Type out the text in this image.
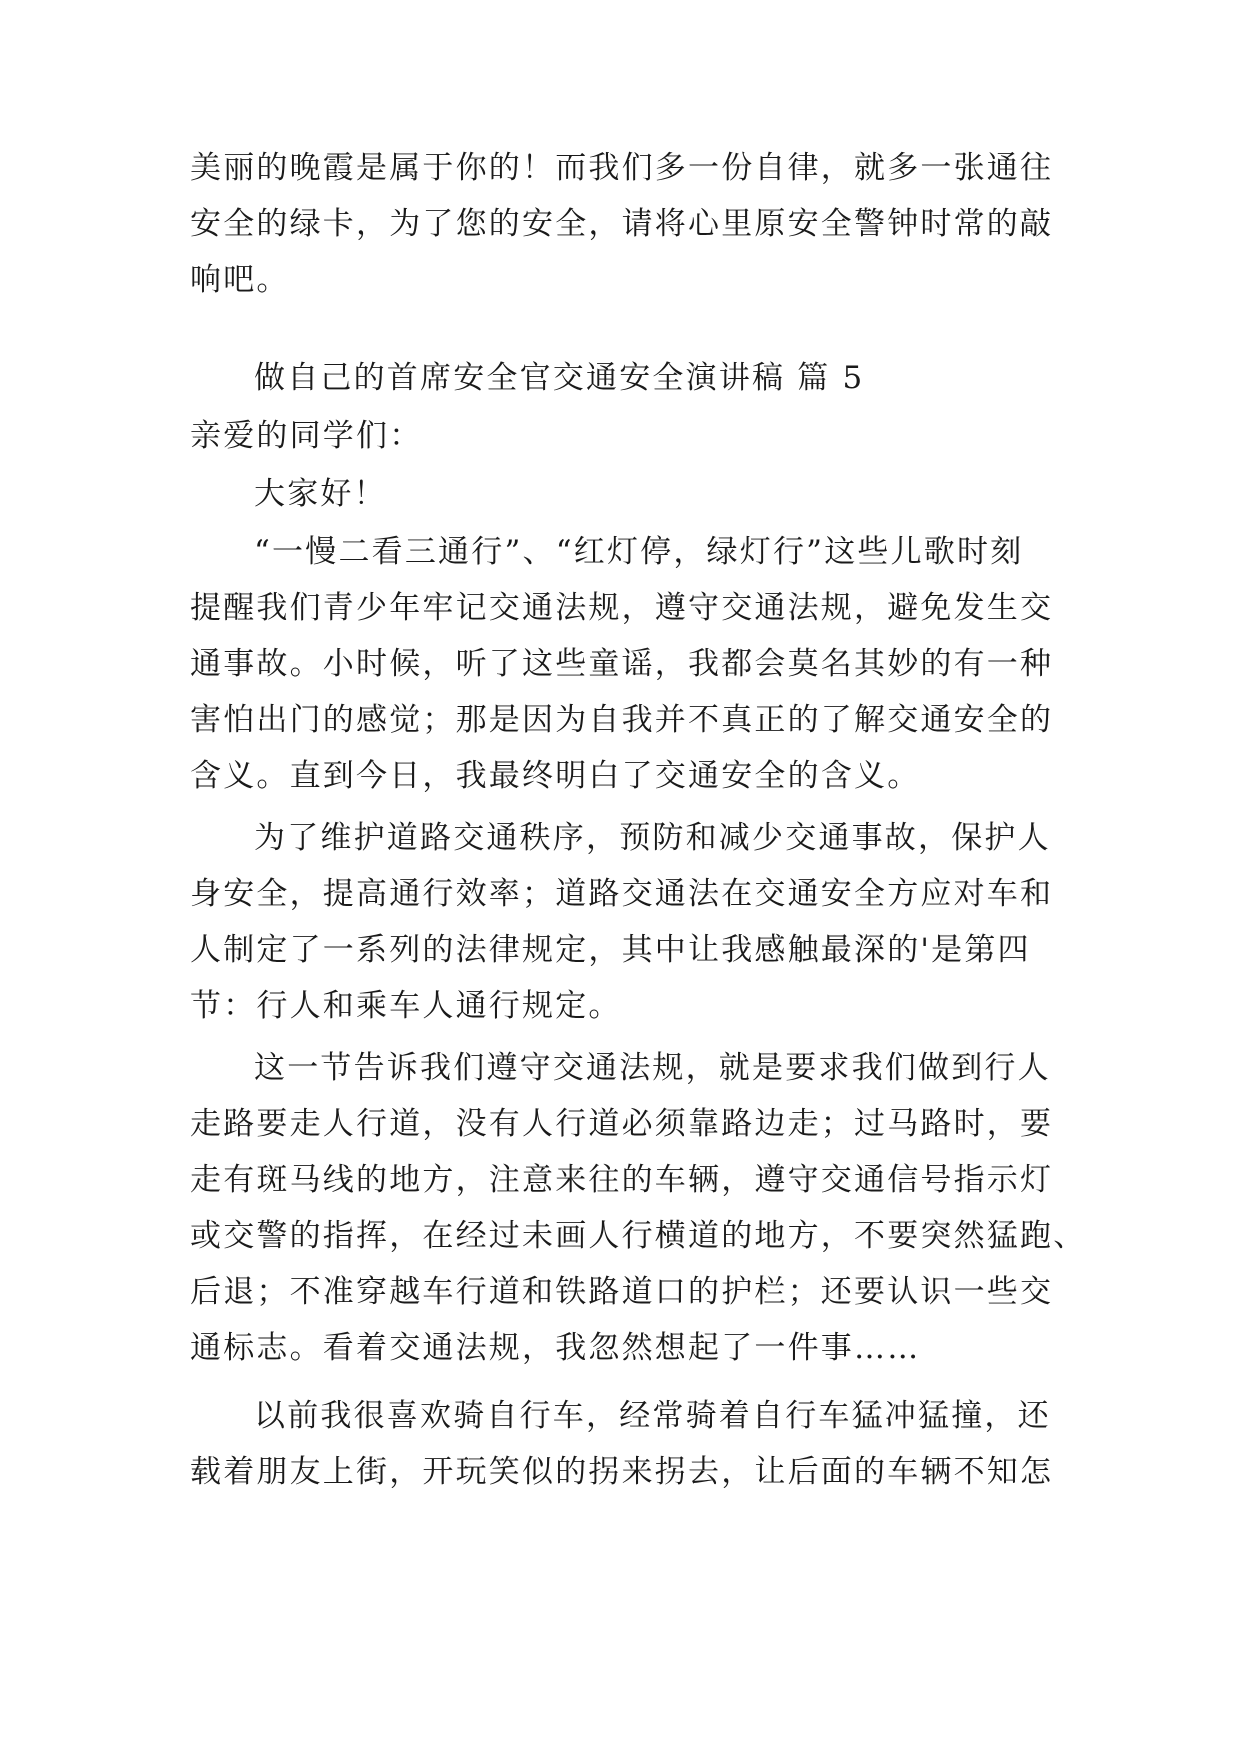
美丽的晚霞是属于你的！而我们多一份自律，就多一张通往
安全的绿卡，为了您的安全，请将心里原安全警钟时常的敲
响吧。
做自己的首席安全官交通安全演讲稿 篇 5
亲爱的同学们：
大家好！
“一慢二看三通行”、“红灯停，绿灯行”这些儿歌时刻
提醒我们青少年牢记交通法规，遵守交通法规，避免发生交
通事故。小时候，听了这些童谣，我都会莫名其妙的有一种
害怕出门的感觉；那是因为自我并不真正的了解交通安全的
含义。直到今日，我最终明白了交通安全的含义。
为了维护道路交通秩序，预防和减少交通事故，保护人
身安全，提高通行效率；道路交通法在交通安全方应对车和
人制定了一系列的法律规定，其中让我感触最深的'是第四
节：行人和乘车人通行规定。
这一节告诉我们遵守交通法规，就是要求我们做到行人
走路要走人行道，没有人行道必须靠路边走；过马路时，要
走有斑马线的地方，注意来往的车辆，遵守交通信号指示灯
或交警的指挥，在经过未画人行横道的地方，不要突然猛跑、
后退；不准穿越车行道和铁路道口的护栏；还要认识一些交
通标志。看着交通法规，我忽然想起了一件事……
以前我很喜欢骑自行车，经常骑着自行车猛冲猛撞，还
载着朋友上街，开玩笑似的拐来拐去，让后面的车辆不知怎
